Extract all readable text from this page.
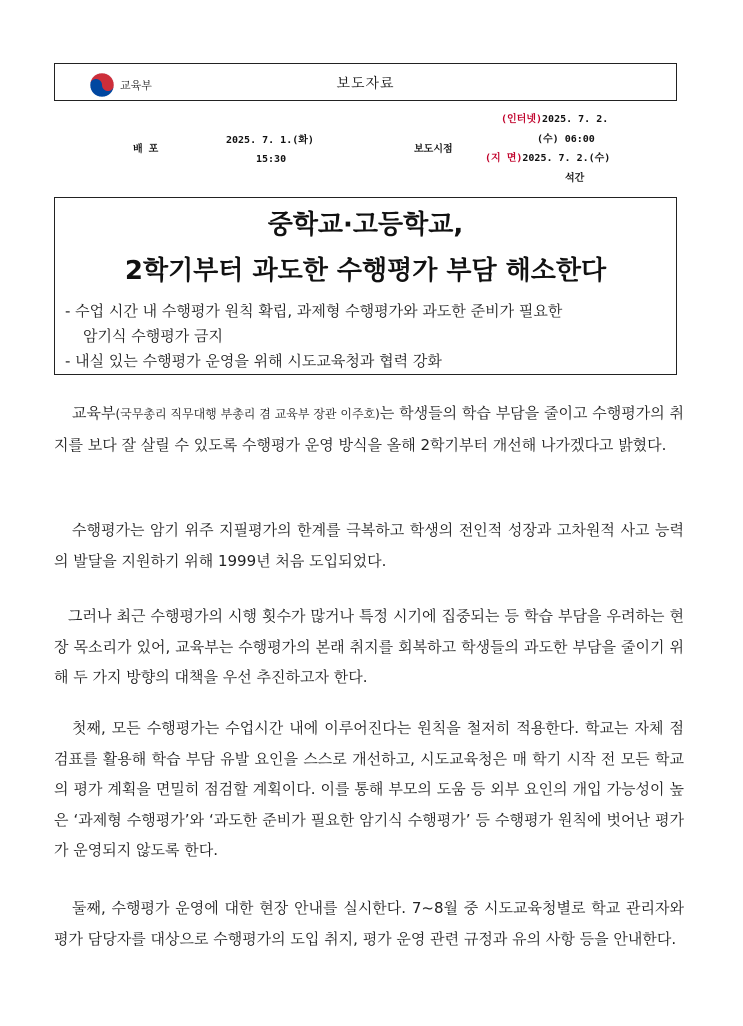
교육부	보도자료
배 포
2025. 7. 1.(화)
15:30
보도시점
(인터넷)2025. 7. 2.
(수) 06:00
(지 면)2025. 7. 2.(수)
석간
중학교·고등학교,
2학기부터 과도한 수행평가 부담 해소한다
- 수업 시간 내 수행평가 원칙 확립, 과제형 수행평가와 과도한 준비가 필요한
암기식 수행평가 금지
- 내실 있는 수행평가 운영을 위해 시도교육청과 협력 강화

교육부(국무총리 직무대행 부총리 겸 교육부 장관 이주호)는 학생들의 학습 부담을 줄이고 수행평가의 취지를 보다 잘 살릴 수 있도록 수행평가 운영 방식을 올해 2학기부터 개선해 나가겠다고 밝혔다.

수행평가는 암기 위주 지필평가의 한계를 극복하고 학생의 전인적 성장과 고차원적 사고 능력의 발달을 지원하기 위해 1999년 처음 도입되었다.

그러나 최근 수행평가의 시행 횟수가 많거나 특정 시기에 집중되는 등 학습 부담을 우려하는 현장 목소리가 있어, 교육부는 수행평가의 본래 취지를 회복하고 학생들의 과도한 부담을 줄이기 위해 두 가지 방향의 대책을 우선 추진하고자 한다.

첫째, 모든 수행평가는 수업시간 내에 이루어진다는 원칙을 철저히 적용한다. 학교는 자체 점검표를 활용해 학습 부담 유발 요인을 스스로 개선하고, 시도교육청은 매 학기 시작 전 모든 학교의 평가 계획을 면밀히 점검할 계획이다. 이를 통해 부모의 도움 등 외부 요인의 개입 가능성이 높은 ‘과제형 수행평가’와 ‘과도한 준비가 필요한 암기식 수행평가’ 등 수행평가 원칙에 벗어난 평가가 운영되지 않도록 한다.

둘째, 수행평가 운영에 대한 현장 안내를 실시한다. 7~8월 중 시도교육청별로 학교 관리자와 평가 담당자를 대상으로 수행평가의 도입 취지, 평가 운영 관련 규정과 유의 사항 등을 안내한다.
